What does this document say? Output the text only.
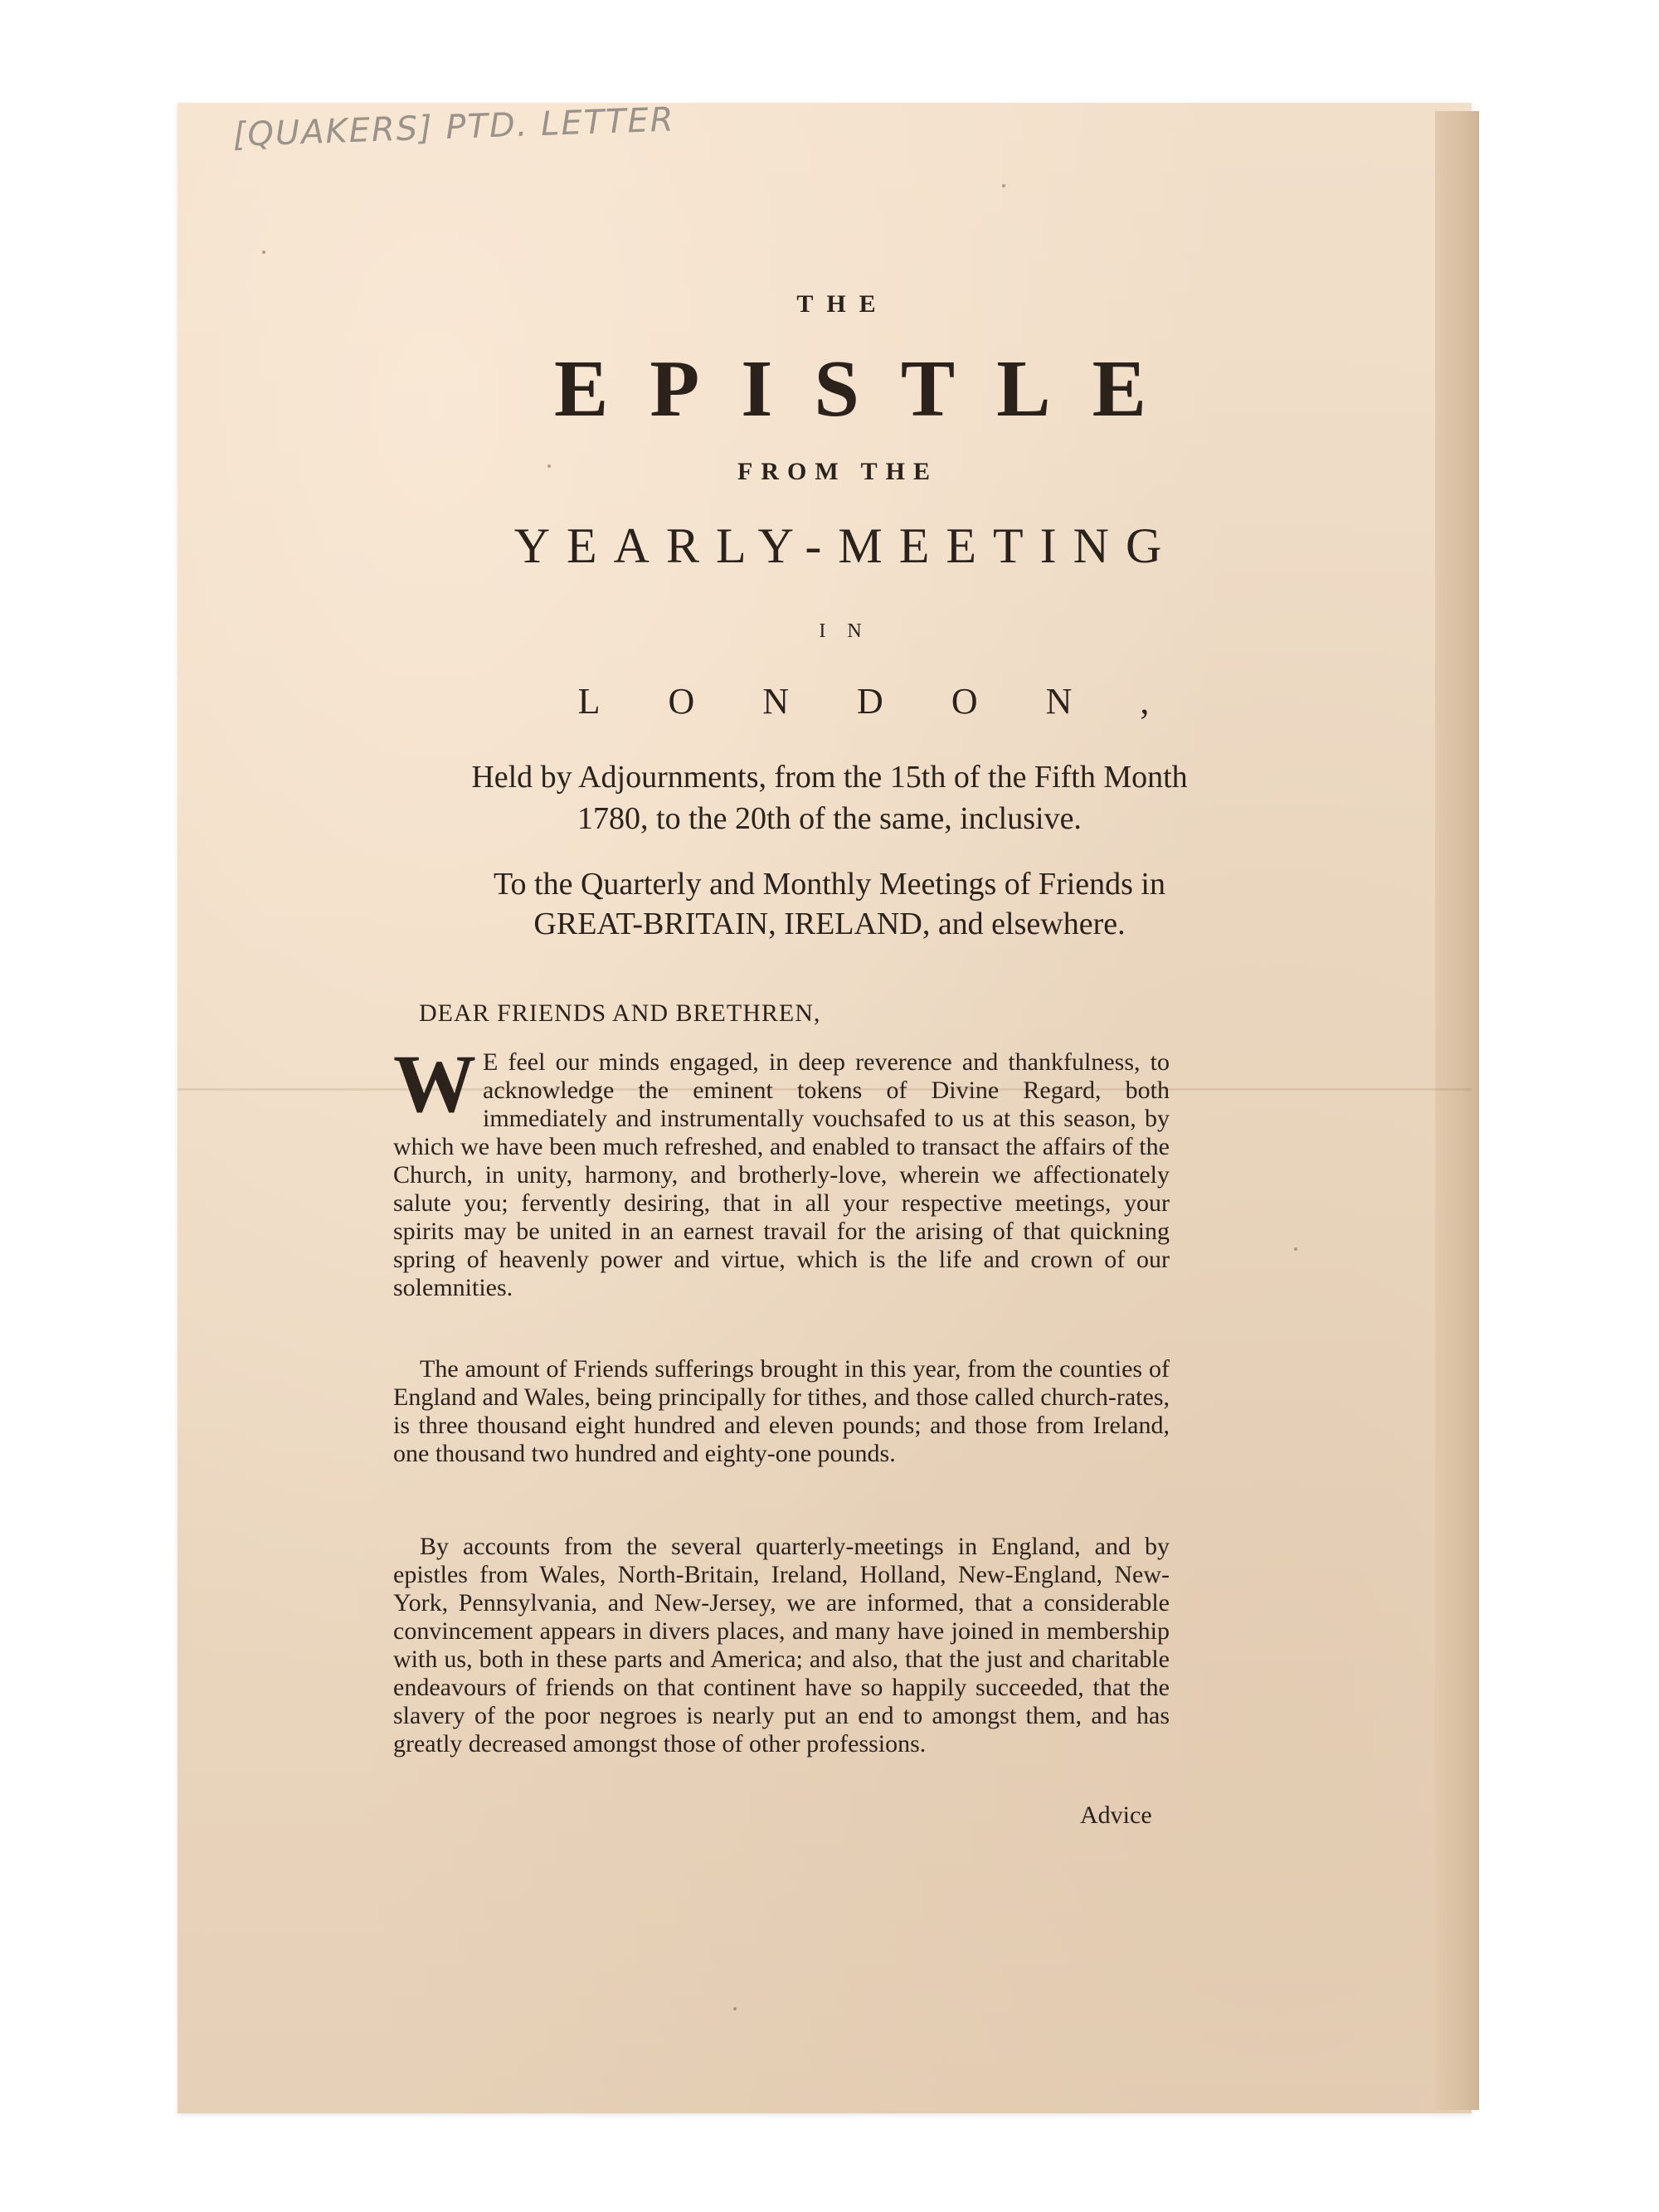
[QUAKERS] PTD. LETTER
THE
EPISTLE
FROM THE
YEARLY-MEETING
IN
LONDON,
Held by Adjournments, from the 15th of the Fifth Month 1780, to the 20th of the same, inclusive.
To the Quarterly and Monthly Meetings of Friends in GREAT-BRITAIN, IRELAND, and elsewhere.
DEAR FRIENDS AND BRETHREN,

W E feel our minds engaged, in deep reverence and thankfulness, to acknowledge the eminent tokens of Divine Regard, both immediately and instrumentally vouchsafed to us at this season, by which we have been much refreshed, and enabled to transact the affairs of the Church, in unity, harmony, and brotherly-love, wherein we affectionately salute you; fervently desiring, that in all your respective meetings, your spirits may be united in an earnest travail for the arising of that quickning spring of heavenly power and virtue, which is the life and crown of our solemnities.

The amount of Friends sufferings brought in this year, from the counties of England and Wales, being principally for tithes, and those called church-rates, is three thousand eight hundred and eleven pounds; and those from Ireland, one thousand two hundred and eighty-one pounds.

By accounts from the several quarterly-meetings in England, and by epistles from Wales, North-Britain, Ireland, Holland, New-England, New-York, Pennsylvania, and New-Jersey, we are informed, that a considerable convincement appears in divers places, and many have joined in membership with us, both in these parts and America; and also, that the just and charitable endeavours of friends on that continent have so happily succeeded, that the slavery of the poor negroes is nearly put an end to amongst them, and has greatly decreased amongst those of other professions.

Advice
